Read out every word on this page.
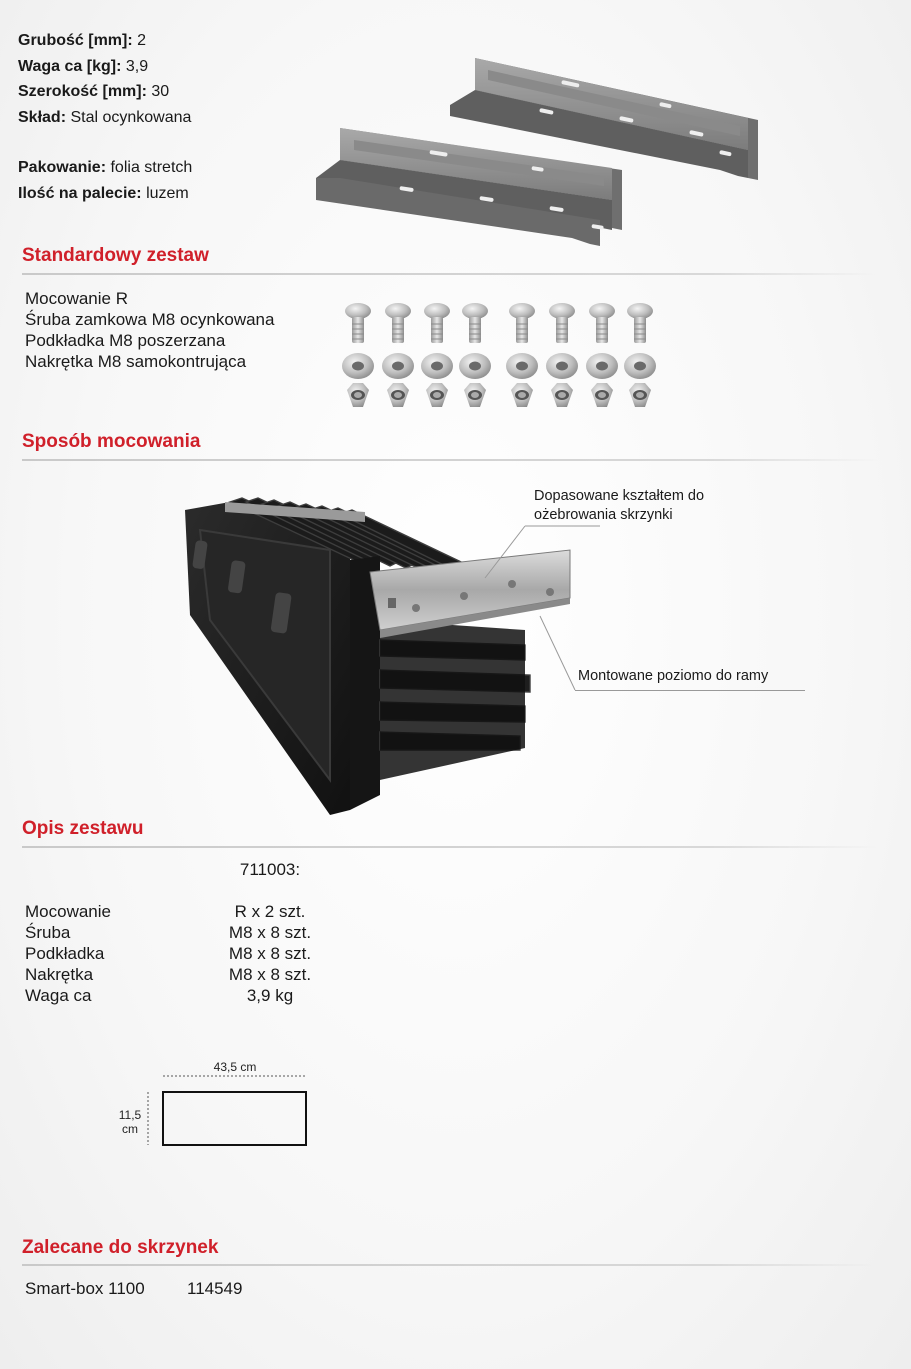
Grubość [mm]: 2
Waga ca [kg]: 3,9
Szerokość [mm]: 30
Skład: Stal ocynkowana
Pakowanie: folia stretch
Ilość na palecie: luzem
Standardowy zestaw
Mocowanie R
Śruba zamkowa M8 ocynkowana
Podkładka M8 poszerzana
Nakrętka M8 samokontrująca
Sposób mocowania
Dopasowane kształtem do
ożebrowania skrzynki
Montowane poziomo do ramy
Opis zestawu
711003:
Mocowanie
Śruba
Podkładka
Nakrętka
Waga ca
R x 2 szt.
M8 x 8 szt.
M8 x 8 szt.
M8 x 8 szt.
3,9 kg
43,5 cm
11,5
cm
Zalecane do skrzynek
Smart-box 1100 114549
